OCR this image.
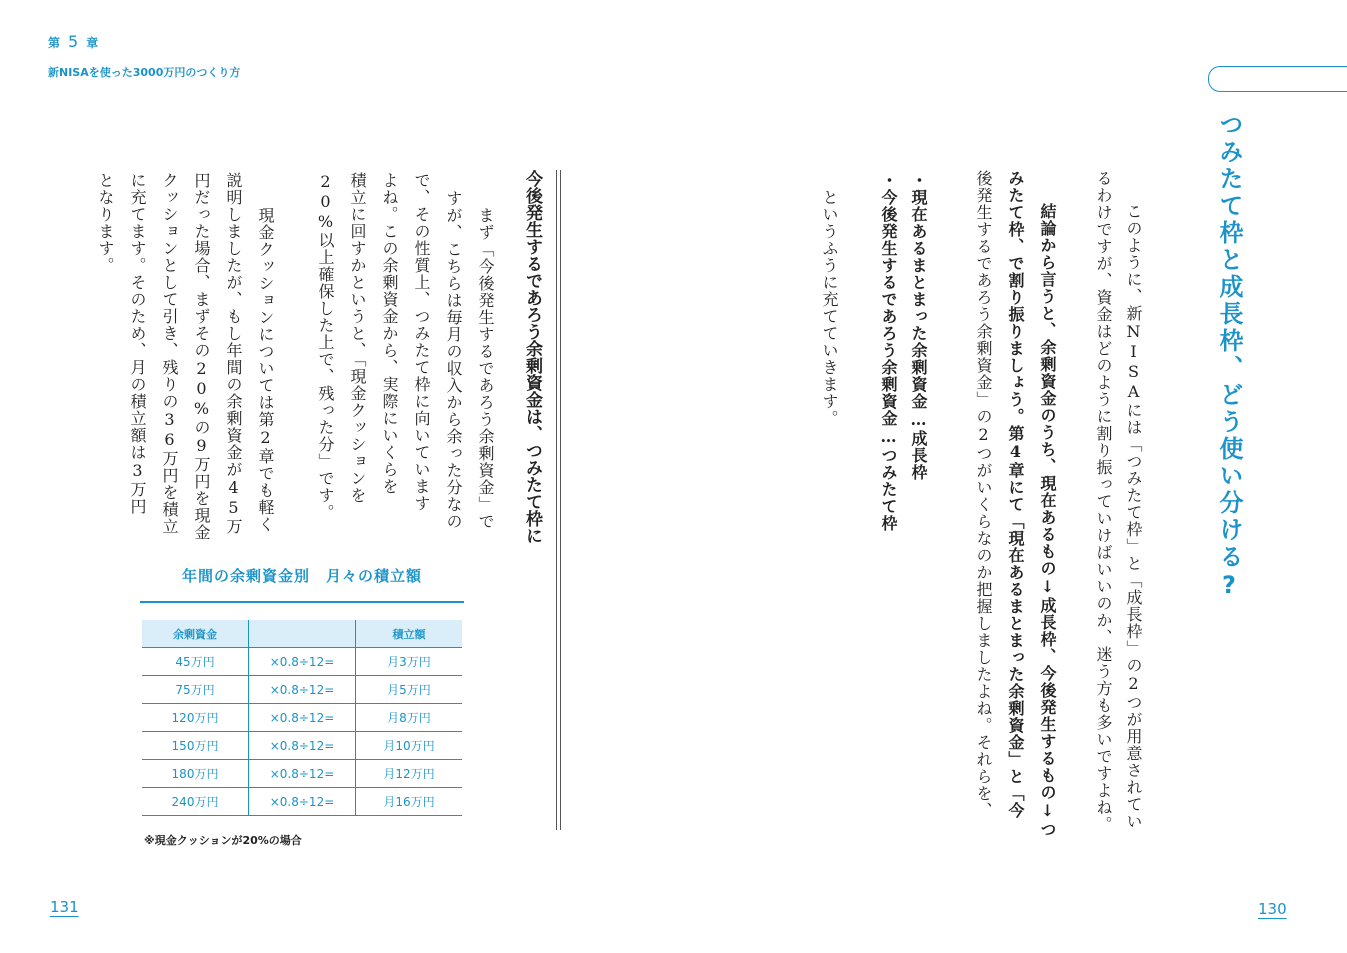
第 5 章
新NISAを使った3000万円のつくり方
つみたて枠と成長枠、どう使い分ける?
　このように、新NISAには「つみたて枠」と「成長枠」の2つが用意されてい
るわけですが、資金はどのように割り振っていけばいいのか、迷う方も多いですよね。
　結論から言うと、余剰資金のうち、現在あるもの↓成長枠、今後発生するもの↓つ
みたて枠、で割り振りましょう。第4章にて「現在あるまとまった余剰資金」と「今
後発生するであろう余剰資金」の2つがいくらなのか把握しましたよね。それらを、
・現在あるまとまった余剰資金…成長枠
・今後発生するであろう余剰資金…つみたて枠
　というふうに充てていきます。
今後発生するであろう余剰資金は、つみたて枠に
　まず「今後発生するであろう余剰資金」で
すが、こちらは毎月の収入から余った分なの
で、その性質上、つみたて枠に向いています
よね。この余剰資金から、実際にいくらを
積立に回すかというと、「現金クッションを
20%以上確保した上で、残った分」です。
　現金クッションについては第2章でも軽く
説明しましたが、もし年間の余剰資金が45万
円だった場合、まずその20%の9万円を現金
クッションとして引き、残りの36万円を積立
に充てます。そのため、月の積立額は3万円
となります。
年間の余剰資金別　月々の積立額
余剰資金		積立額
45万円	×0.8÷12=	月3万円
75万円	×0.8÷12=	月5万円
120万円	×0.8÷12=	月8万円
150万円	×0.8÷12=	月10万円
180万円	×0.8÷12=	月12万円
240万円	×0.8÷12=	月16万円
※現金クッションが20%の場合
131	130
